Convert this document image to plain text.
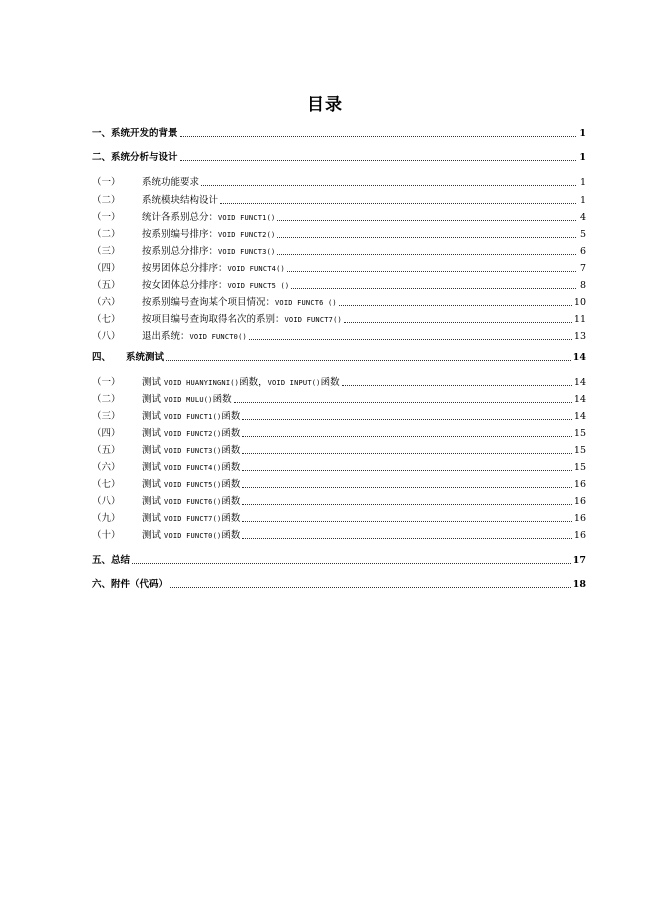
目录
一、系统开发的背景	1
二、系统分析与设计	1
（一）	系统功能要求	1
（二）	系统模块结构设计	1
（一）	统计各系别总分：VOID FUNCT1()	4
（二）	按系别编号排序：VOID FUNCT2()	5
（三）	按系别总分排序：VOID FUNCT3()	6
（四）	按男团体总分排序：VOID FUNCT4()	7
（五）	按女团体总分排序：VOID FUNCT5 ()	8
（六）	按系别编号查询某个项目情况：VOID FUNCT6 ()	10
（七）	按项目编号查询取得名次的系别：VOID FUNCT7()	11
（八）	退出系统：VOID FUNCT0()	13
四、	系统测试	14
（一）	测试 VOID HUANYINGNI()函数，VOID INPUT()函数	14
（二）	测试 VOID MULU()函数	14
（三）	测试 VOID FUNCT1()函数	14
（四）	测试 VOID FUNCT2()函数	15
（五）	测试 VOID FUNCT3()函数	15
（六）	测试 VOID FUNCT4()函数	15
（七）	测试 VOID FUNCT5()函数	16
（八）	测试 VOID FUNCT6()函数	16
（九）	测试 VOID FUNCT7()函数	16
（十）	测试 VOID FUNCT0()函数	16
五、总结	17
六、附件（代码）	18
